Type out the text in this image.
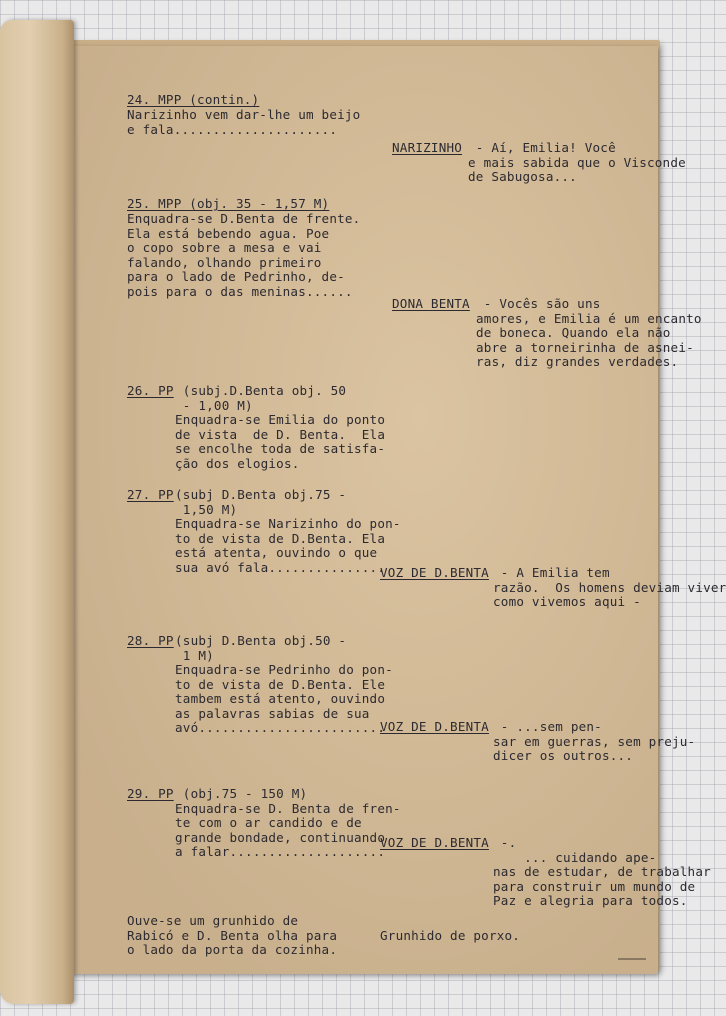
24. MPP (contin.)
Narizinho vem dar-lhe um beijo
e fala.....................
NARIZINHO	- Aí, Emilia! Você
e mais sabida que o Visconde
de Sabugosa...
25. MPP (obj. 35 - 1,57 M)
Enquadra-se D.Benta de frente.
Ela está bebendo agua. Poe
o copo sobre a mesa e vai
falando, olhando primeiro
para o lado de Pedrinho, de-
pois para o das meninas......
DONA BENTA	- Vocês são uns
amores, e Emilia é um encanto
de boneca. Quando ela não
abre a torneirinha de asnei-
ras, diz grandes verdades.
26. PP (subj.D.Benta obj. 50
- 1,00 M)
Enquadra-se Emilia do ponto
de vista  de D. Benta.  Ela
se encolhe toda de satisfa-
ção dos elogios.
27. PP (subj D.Benta obj.75 -
1,50 M)
Enquadra-se Narizinho do pon-
to de vista de D.Benta. Ela
está atenta, ouvindo o que
sua avó fala...............
VOZ DE D.BENTA - A Emilia tem
razão.  Os homens deviam viver
como vivemos aqui -
28. PP (subj D.Benta obj.50 -
1 M)
Enquadra-se Pedrinho do pon-
to de vista de D.Benta. Ele
tambem está atento, ouvindo
as palavras sabias de sua
avó........................
VOZ DE D.BENTA - ...sem pen-
sar em guerras, sem preju-
dicer os outros...
29. PP (obj.75 - 150 M)
Enquadra-se D. Benta de fren-
te com o ar candido e de
grande bondade, continuando
a falar....................
VOZ DE D.BENTA -.
... cuidando ape-
nas de estudar, de trabalhar
para construir um mundo de
Paz e alegria para todos.
Ouve-se um grunhido de
Rabicó e D. Benta olha para
o lado da porta da cozinha.
Grunhido de porxo.
